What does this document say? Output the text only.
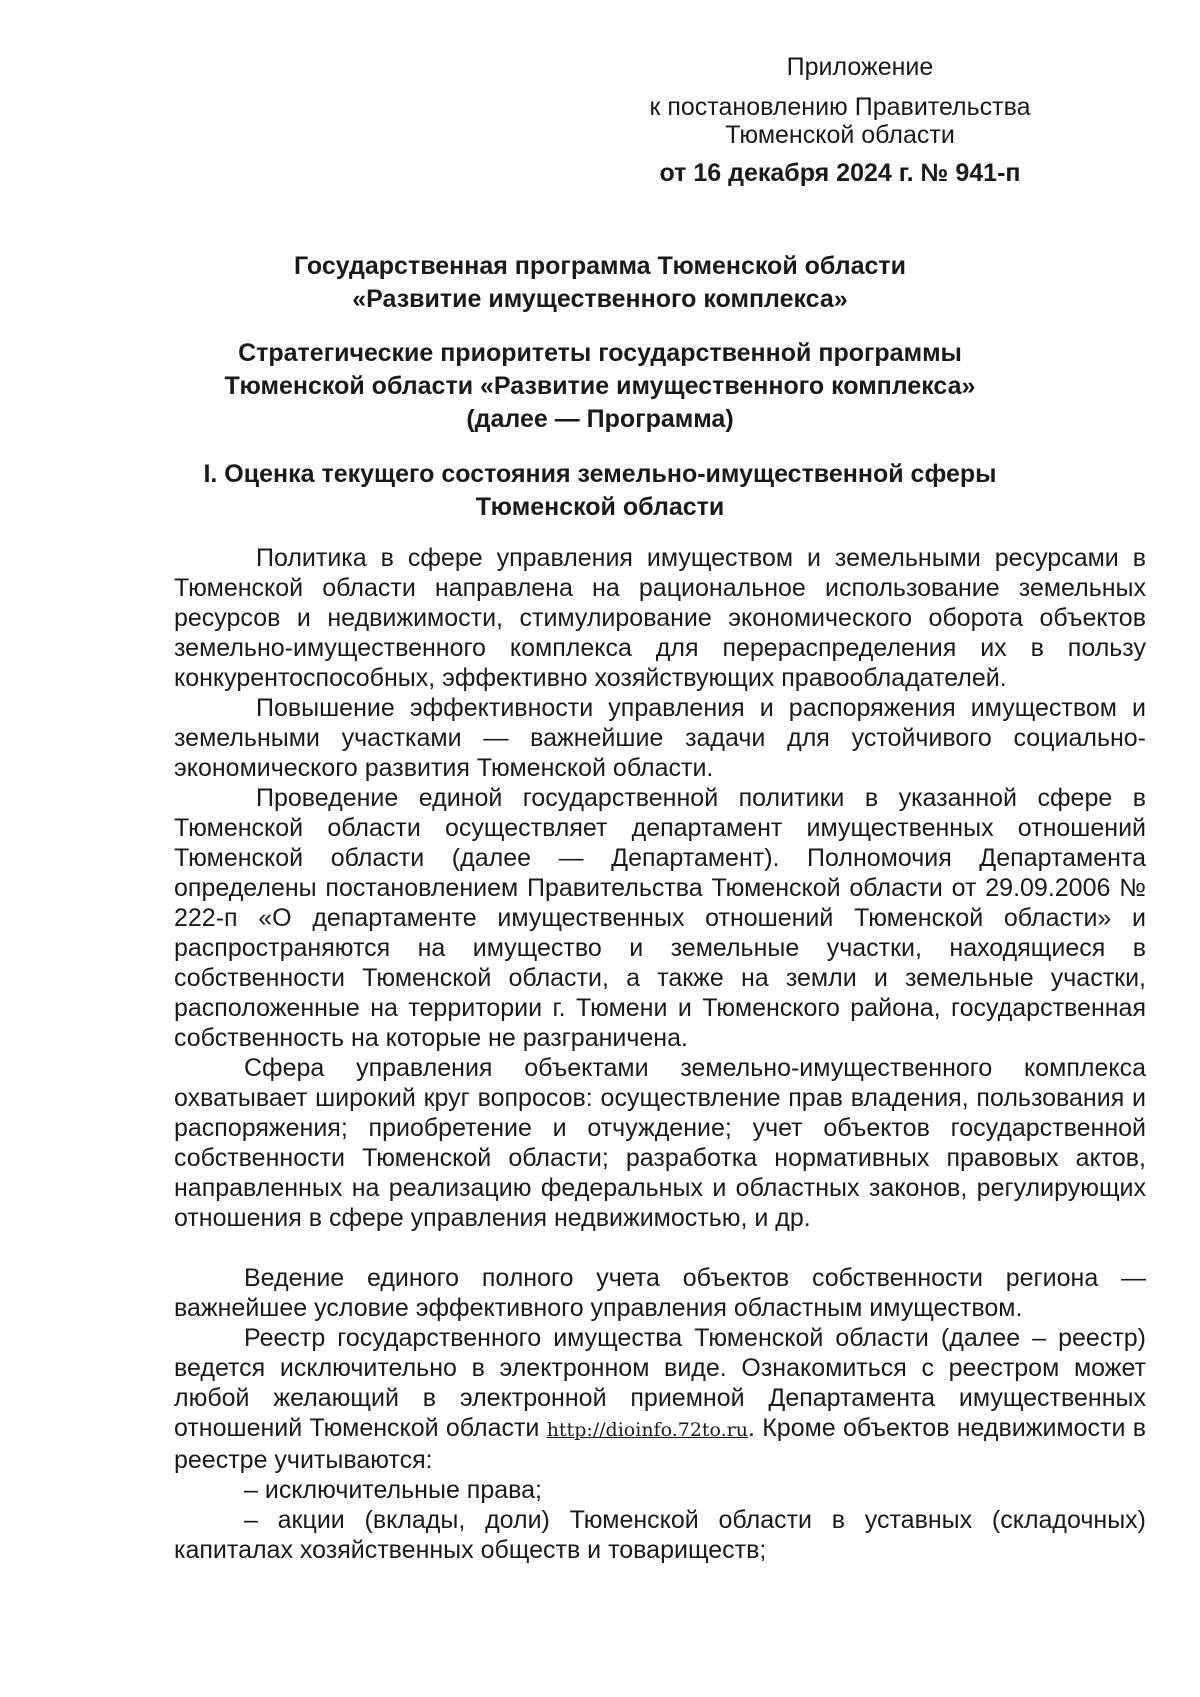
Приложение
к постановлению Правительства
Тюменской области
от 16 декабря 2024 г. № 941-п
Государственная программа Тюменской области
«Развитие имущественного комплекса»
Стратегические приоритеты государственной программы
Тюменской области «Развитие имущественного комплекса»
(далее — Программа)
I. Оценка текущего состояния земельно-имущественной сферы
Тюменской области

Политика в сфере управления имуществом и земельными ресурсами в Тюменской области направлена на рациональное использование земельных ресурсов и недвижимости, стимулирование экономического оборота объектов земельно-имущественного комплекса для перераспределения их в пользу конкурентоспособных, эффективно хозяйствующих правообладателей.

Повышение эффективности управления и распоряжения имуществом и земельными участками — важнейшие задачи для устойчивого социально-экономического развития Тюменской области.

Проведение единой государственной политики в указанной сфере в Тюменской области осуществляет департамент имущественных отношений Тюменской области (далее — Департамент). Полномочия Департамента определены постановлением Правительства Тюменской области от 29.09.2006 № 222-п «О департаменте имущественных отношений Тюменской области» и распространяются на имущество и земельные участки, находящиеся в собственности Тюменской области, а также на земли и земельные участки, расположенные на территории г. Тюмени и Тюменского района, государственная собственность на которые не разграничена.

Сфера управления объектами земельно-имущественного комплекса охватывает широкий круг вопросов: осуществление прав владения, пользования и распоряжения; приобретение и отчуждение; учет объектов государственной собственности Тюменской области; разработка нормативных правовых актов, направленных на реализацию федеральных и областных законов, регулирующих отношения в сфере управления недвижимостью, и др.

Ведение единого полного учета объектов собственности региона — важнейшее условие эффективного управления областным имуществом.

Реестр государственного имущества Тюменской области (далее – реестр) ведется исключительно в электронном виде. Ознакомиться с реестром может любой желающий в электронной приемной Департамента имущественных отношений Тюменской области http://dioinfo.72to.ru. Кроме объектов недвижимости в реестре учитываются:

– исключительные права;

– акции (вклады, доли) Тюменской области в уставных (складочных) капиталах хозяйственных обществ и товариществ;
